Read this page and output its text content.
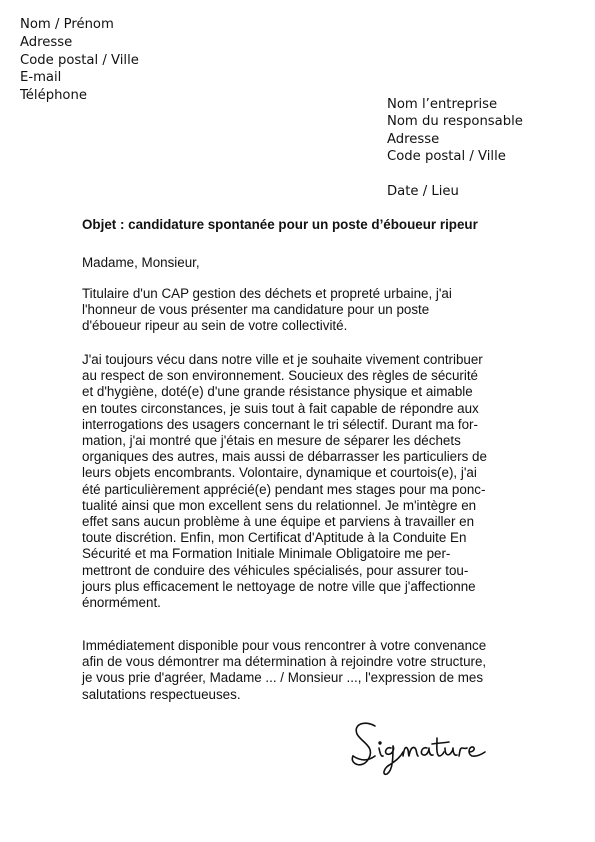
Nom / Prénom
Adresse
Code postal / Ville
E-mail
Téléphone
Nom l’entreprise
Nom du responsable
Adresse
Code postal / Ville
Date / Lieu
Objet : candidature spontanée pour un poste d’éboueur ripeur
Madame, Monsieur,
Titulaire d'un CAP gestion des déchets et propreté urbaine, j'ai
l'honneur de vous présenter ma candidature pour un poste
d'éboueur ripeur au sein de votre collectivité.
J'ai toujours vécu dans notre ville et je souhaite vivement contribuer
au respect de son environnement. Soucieux des règles de sécurité
et d'hygiène, doté(e) d'une grande résistance physique et aimable
en toutes circonstances, je suis tout à fait capable de répondre aux
interrogations des usagers concernant le tri sélectif. Durant ma for-
mation, j'ai montré que j'étais en mesure de séparer les déchets
organiques des autres, mais aussi de débarrasser les particuliers de
leurs objets encombrants. Volontaire, dynamique et courtois(e), j'ai
été particulièrement apprécié(e) pendant mes stages pour ma ponc-
tualité ainsi que mon excellent sens du relationnel. Je m'intègre en
effet sans aucun problème à une équipe et parviens à travailler en
toute discrétion. Enfin, mon Certificat d'Aptitude à la Conduite En
Sécurité et ma Formation Initiale Minimale Obligatoire me per-
mettront de conduire des véhicules spécialisés, pour assurer tou-
jours plus efficacement le nettoyage de notre ville que j'affectionne
énormément.
Immédiatement disponible pour vous rencontrer à votre convenance
afin de vous démontrer ma détermination à rejoindre votre structure,
je vous prie d'agréer, Madame ... / Monsieur ..., l'expression de mes
salutations respectueuses.
